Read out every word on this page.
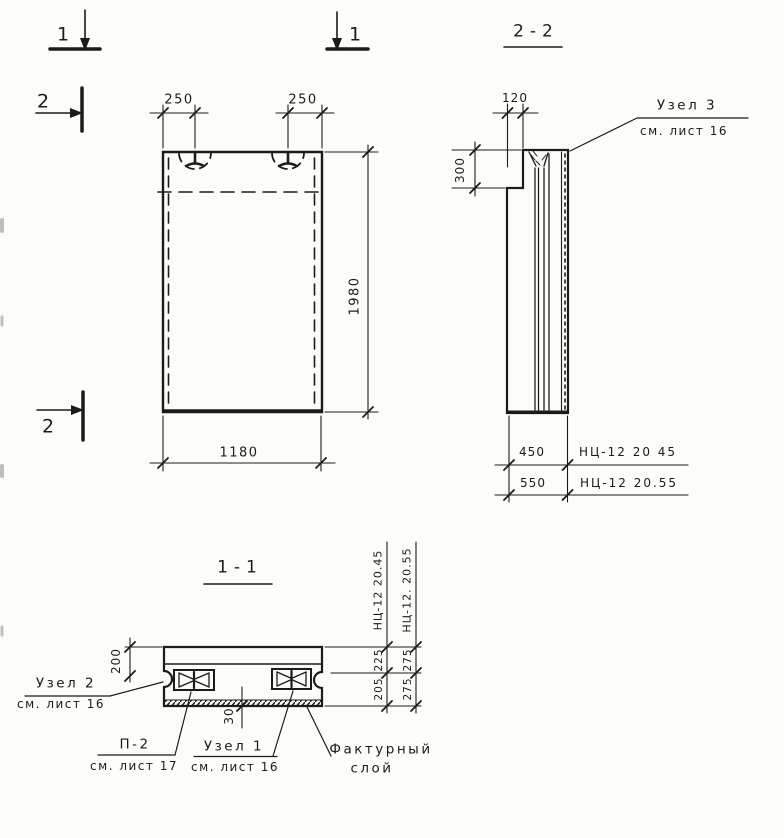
1	1
2
2
250	250
1980
1180
2-2
120
300
Узел 3
см. лист 16
450	НЦ-12 20 45
550	НЦ-12 20.55
1-1
200
30
НЦ-12 20.45 НЦ-12. 20.55
225
205
275
275
Узел 2
см. лист 16
П-2
см. лист 17
Узел 1
см. лист 16
Фактурный
слой
